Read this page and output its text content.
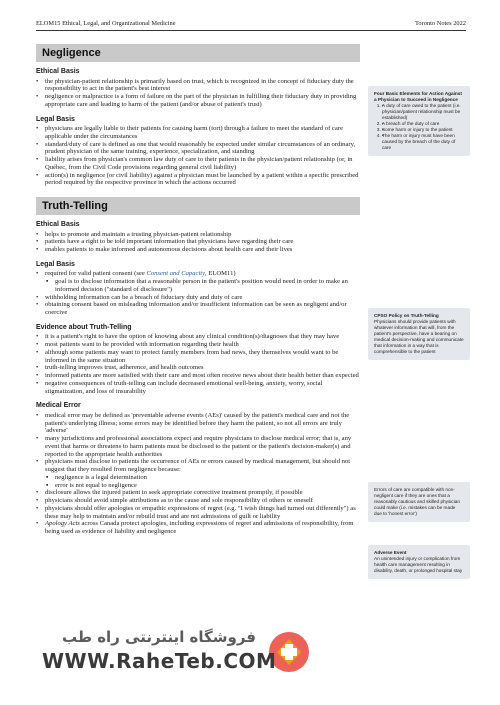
ELOM15 Ethical, Legal, and Organizational Medicine	Toronto Notes 2022
Negligence
Ethical Basis
• the physician-patient relationship is primarily based on trust, which is recognized in the concept of fiduciary duty the responsibility to act in the patient's best interest
• negligence or malpractice is a form of failure on the part of the physician in fulfilling their fiduciary duty in providing appropriate care and leading to harm of the patient (and/or abuse of patient's trust)
Legal Basis
• physicians are legally liable to their patients for causing harm (tort) through a failure to meet the standard of care applicable under the circumstances
• standard/duty of care is defined as one that would reasonably be expected under similar circumstances of an ordinary, prudent physician of the same training, experience, specialization, and standing
• liability arises from physician's common law duty of care to their patients in the physician/patient relationship (or, in Québec, from the Civil Code provisions regarding general civil liability)
• action(s) in negligence (or civil liability) against a physician must be launched by a patient within a specific prescribed period required by the respective province in which the actions occurred
Truth-Telling
Ethical Basis
• helps to promote and maintain a trusting physician-patient relationship
• patients have a right to be told important information that physicians have regarding their care
• enables patients to make informed and autonomous decisions about health care and their lives
Legal Basis
• required for valid patient consent (see Consent and Capacity, ELOM11)
▪ goal is to disclose information that a reasonable person in the patient's position would need in order to make an informed decision ("standard of disclosure")
• withholding information can be a breach of fiduciary duty and duty of care
• obtaining consent based on misleading information and/or insufficient information can be seen as negligent and/or coercive
Evidence about Truth-Telling
• it is a patient's right to have the option of knowing about any clinical condition(s)/diagnoses that they may have
• most patients want to be provided with information regarding their health
• although some patients may want to protect family members from bad news, they themselves would want to be informed in the same situation
• truth-telling improves trust, adherence, and health outcomes
• informed patients are more satisfied with their care and most often receive news about their health better than expected
• negative consequences of truth-telling can include decreased emotional well-being, anxiety, worry, social stigmatization, and loss of insurability
Medical Error
• medical error may be defined as 'preventable adverse events (AEs)' caused by the patient's medical care and not the patient's underlying illness; some errors may be identified before they harm the patient, so not all errors are truly 'adverse'
• many jurisdictions and professional associations expect and require physicians to disclose medical error; that is, any event that harms or threatens to harm patients must be disclosed to the patient or the patient's decision-maker(s) and reported to the appropriate health authorities
• physicians must disclose to patients the occurrence of AEs or errors caused by medical management, but should not suggest that they resulted from negligence because:
▪ negligence is a legal determination
▪ error is not equal to negligence
• disclosure allows the injured patient to seek appropriate corrective treatment promptly, if possible
• physicians should avoid simple attributions as to the cause and sole responsibility of others or oneself
• physicians should offer apologies or empathic expressions of regret (e.g. "I wish things had turned out differently") as these may help to maintain and/or rebuild trust and are not admissions of guilt or liability
• Apology Acts across Canada protect apologies, including expressions of regret and admissions of responsibility, from being used as evidence of liability and negligence
Four Basic Elements for Action Against a Physician to Succeed in Negligence
• 1. A duty of care owed to the patient (i.e. physician/patient relationship must be established)
• 2. A breach of the duty of care
• 3. Some harm or injury to the patient
• 4. The harm or injury must have been caused by the breach of the duty of care
CPSO Policy on Truth-Telling

Physicians should provide patients with whatever information that will, from the patient's perspective, have a bearing on medical decision-making and communicate that information in a way that is comprehensible to the patient

Errors of care are compatible with non-negligent care if they are ones that a reasonably cautious and skilled physician could make (i.e. mistakes can be made due to 'honest error')

Adverse Event

An unintended injury or complication from health care management resulting in disability, death, or prolonged hospital stay

فروشگاه اینترنتی راه طب
WWW.RaheTeb.COM
